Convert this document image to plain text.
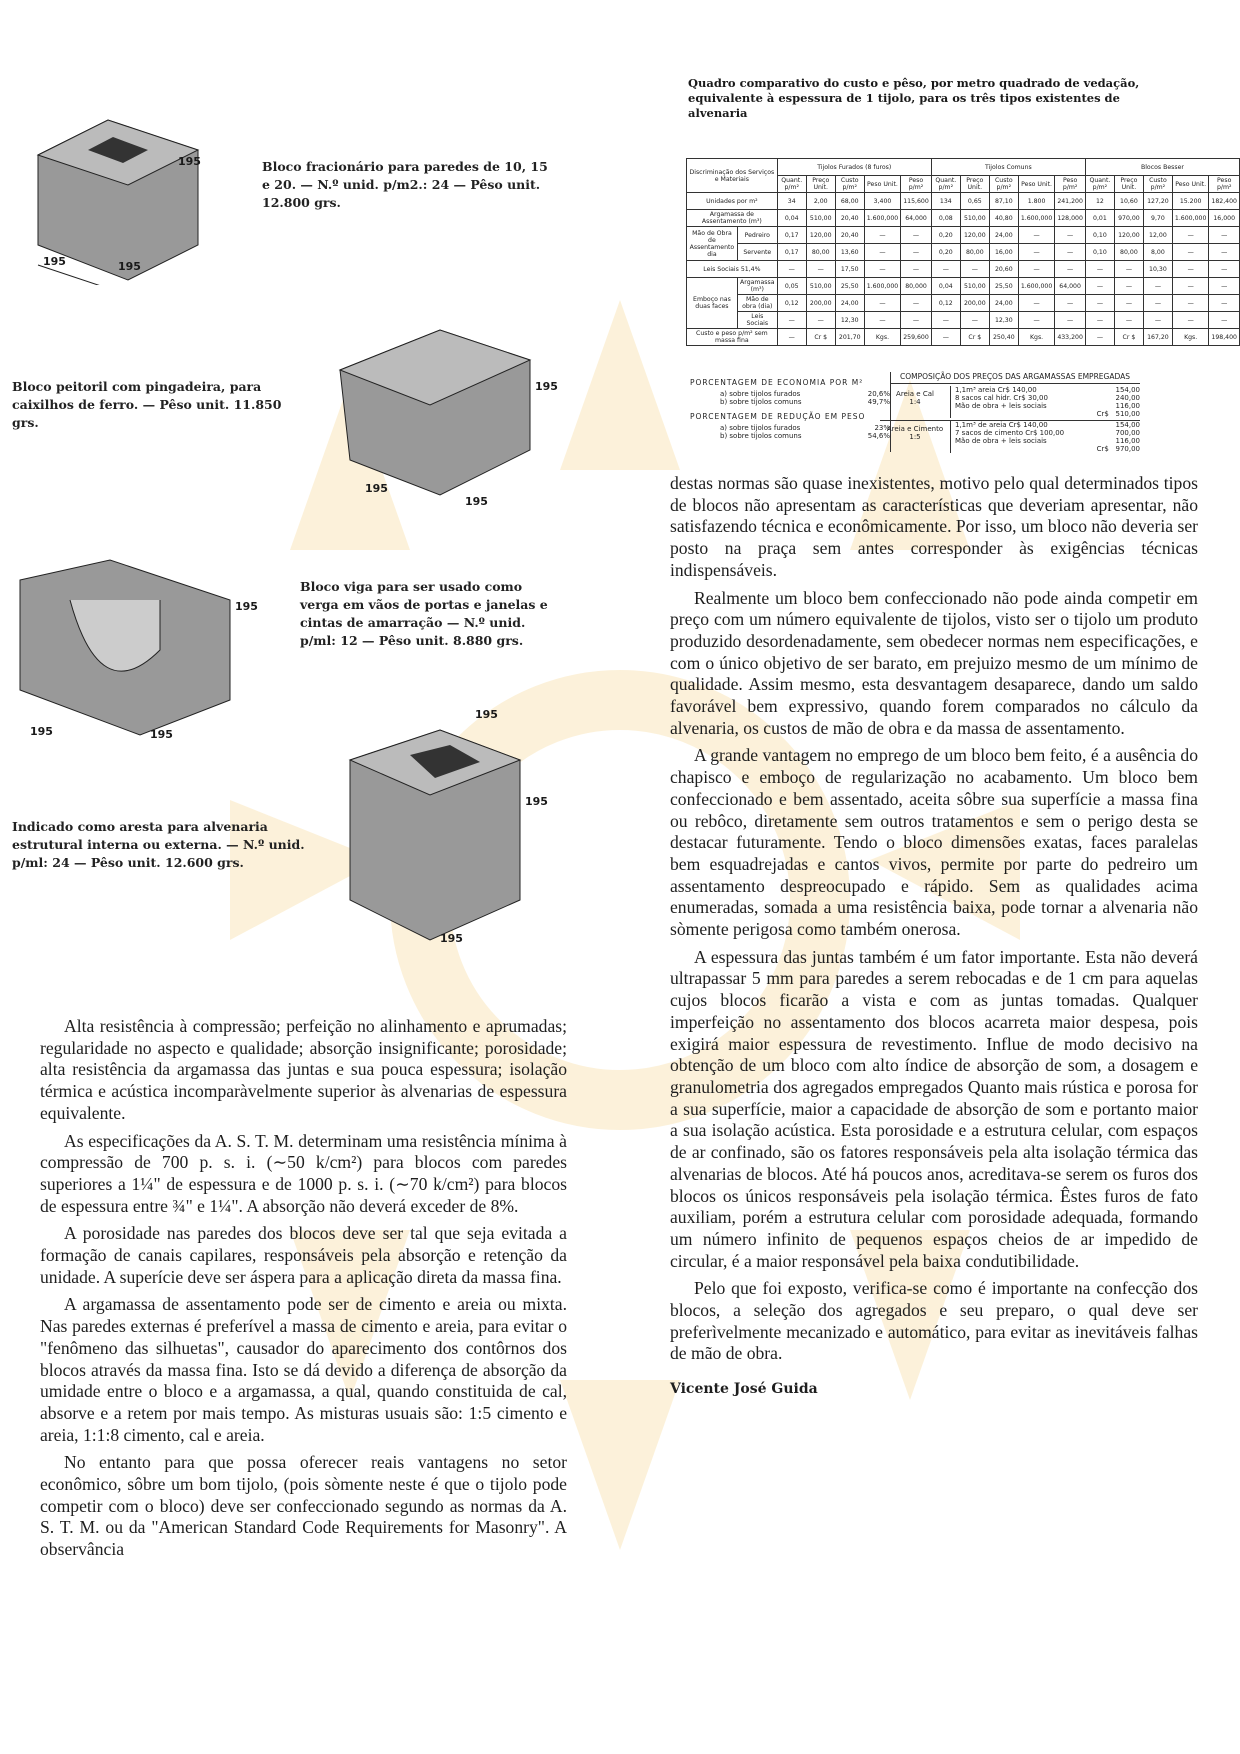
195
195	195
Bloco fracionário para paredes de 10, 15 e 20. — N.º unid. p/m2.: 24 — Pêso unit. 12.800 grs.
Bloco peitoril com pingadeira, para caixilhos de ferro. — Pêso unit. 11.850 grs.
195
195
195
195
195	195
Bloco viga para ser usado como verga em vãos de portas e janelas e cintas de amarração — N.º unid. p/ml: 12 — Pêso unit. 8.880 grs.
Indicado como aresta para alvenaria estrutural interna ou externa. — N.º unid. p/ml: 24 — Pêso unit. 12.600 grs.
195
195
195
Quadro comparativo do custo e pêso, por metro quadrado de vedação, equivalente à espessura de 1 tijolo, para os três tipos existentes de alvenaria
Discriminação dos Serviços e Materiais		Tijolos Furados (8 furos)					Tijolos Comuns					Blocos Besser				
		Quant. p/m²	Preço Unit.	Custo p/m²	Peso Unit.	Peso p/m²	Quant. p/m²	Preço Unit.	Custo p/m²	Peso Unit.	Peso p/m²	Quant. p/m²	Preço Unit.	Custo p/m²	Peso Unit.	Peso p/m²
Unidades por m²		34	2,00	68,00	3,400	115,600	134	0,65	87,10	1.800	241,200	12	10,60	127,20	15.200	182,400
Argamassa de Assentamento (m³)		0,04	510,00	20,40	1.600,000	64,000	0,08	510,00	40,80	1.600,000	128,000	0,01	970,00	9,70	1.600,000	16,000
Mão de Obra de Assentamento dia	Pedreiro	0,17	120,00	20,40	—	—	0,20	120,00	24,00	—	—	0,10	120,00	12,00	—	—
	Servente	0,17	80,00	13,60	—	—	0,20	80,00	16,00	—	—	0,10	80,00	8,00	—	—
Leis Sociais 51,4%		—	—	17,50	—	—	—	—	20,60	—	—	—	—	10,30	—	—
Emboço nas duas faces	Argamassa (m³)	0,05	510,00	25,50	1.600,000	80,000	0,04	510,00	25,50	1.600,000	64,000	—	—	—	—	—
	Mão de obra (dia)	0,12	200,00	24,00	—	—	0,12	200,00	24,00	—	—	—	—	—	—	—
	Leis Sociais	—	—	12,30	—	—	—	—	12,30	—	—	—	—	—	—	—
Custo e peso p/m² sem massa fina		—	Cr $	201,70	Kgs.	259,600	—	Cr $	250,40	Kgs.	433,200	—	Cr $	167,20	Kgs.	198,400
PORCENTAGEM DE ECONOMIA POR M²
a) sobre tijolos furados	20,6%
b) sobre tijolos comuns	49,7%
PORCENTAGEM DE REDUÇÃO EM PESO
a) sobre tijolos furados	23%
b) sobre tijolos comuns	54,6%
COMPOSIÇÃO DOS PREÇOS DAS ARGAMASSAS EMPREGADAS
Areia e Cal
1:4
1,1m³ areia Cr$ 140,00	154,00
8 sacos cal hidr. Cr$ 30,00	240,00
Mão de obra + leis sociais	116,00
Cr$ 510,00
Areia e Cimento
1:5
1,1m³ de areia Cr$ 140,00	154,00
7 sacos de cimento Cr$ 100,00	700,00
Mão de obra + leis sociais	116,00
Cr$ 970,00

Alta resistência à compressão; perfeição no alinhamento e aprumadas; regularidade no aspecto e qualidade; absorção insignificante; porosidade; alta resistência da argamassa das juntas e sua pouca espessura; isolação térmica e acústica incomparàvelmente superior às alvenarias de espessura equivalente.

As especificações da A. S. T. M. determinam uma resistência mínima à compressão de 700 p. s. i. (∼50 k/cm²) para blocos com paredes superiores a 1¼" de espessura e de 1000 p. s. i. (∼70 k/cm²) para blocos de espessura entre ¾" e 1¼". A absorção não deverá exceder de 8%.

A porosidade nas paredes dos blocos deve ser tal que seja evitada a formação de canais capilares, responsáveis pela absorção e retenção da unidade. A superície deve ser áspera para a aplicação direta da massa fina.

A argamassa de assentamento pode ser de cimento e areia ou mixta. Nas paredes externas é preferível a massa de cimento e areia, para evitar o "fenômeno das silhuetas", causador do aparecimento dos contôrnos dos blocos através da massa fina. Isto se dá devido a diferença de absorção da umidade entre o bloco e a argamassa, a qual, quando constituida de cal, absorve e a retem por mais tempo. As misturas usuais são: 1:5 cimento e areia, 1:1:8 cimento, cal e areia.

No entanto para que possa oferecer reais vantagens no setor econômico, sôbre um bom tijolo, (pois sòmente neste é que o tijolo pode competir com o bloco) deve ser confeccionado segundo as normas da A. S. T. M. ou da "American Standard Code Requirements for Masonry". A observância

destas normas são quase inexistentes, motivo pelo qual determinados tipos de blocos não apresentam as características que deveriam apresentar, não satisfazendo técnica e econômicamente. Por isso, um bloco não deveria ser posto na praça sem antes corresponder às exigências técnicas indispensáveis.

Realmente um bloco bem confeccionado não pode ainda competir em preço com um número equivalente de tijolos, visto ser o tijolo um produto produzido desordenadamente, sem obedecer normas nem especificações, e com o único objetivo de ser barato, em prejuizo mesmo de um mínimo de qualidade. Assim mesmo, esta desvantagem desaparece, dando um saldo favorável bem expressivo, quando forem comparados no cálculo da alvenaria, os custos de mão de obra e da massa de assentamento.

A grande vantagem no emprego de um bloco bem feito, é a ausência do chapisco e emboço de regularização no acabamento. Um bloco bem confeccionado e bem assentado, aceita sôbre sua superfície a massa fina ou rebôco, diretamente sem outros tratamentos e sem o perigo desta se destacar futuramente. Tendo o bloco dimensões exatas, faces paralelas bem esquadrejadas e cantos vivos, permite por parte do pedreiro um assentamento despreocupado e rápido. Sem as qualidades acima enumeradas, somada a uma resistência baixa, pode tornar a alvenaria não sòmente perigosa como também onerosa.

A espessura das juntas também é um fator importante. Esta não deverá ultrapassar 5 mm para paredes a serem rebocadas e de 1 cm para aquelas cujos blocos ficarão a vista e com as juntas tomadas. Qualquer imperfeição no assentamento dos blocos acarreta maior despesa, pois exigirá maior espessura de revestimento. Influe de modo decisivo na obtenção de um bloco com alto índice de absorção de som, a dosagem e granulometria dos agregados empregados Quanto mais rústica e porosa for a sua superfície, maior a capacidade de absorção de som e portanto maior a sua isolação acústica. Esta porosidade e a estrutura celular, com espaços de ar confinado, são os fatores responsáveis pela alta isolação térmica das alvenarias de blocos. Até há poucos anos, acreditava-se serem os furos dos blocos os únicos responsáveis pela isolação térmica. Êstes furos de fato auxiliam, porém a estrutura celular com porosidade adequada, formando um número infinito de pequenos espaços cheios de ar impedido de circular, é a maior responsável pela baixa condutibilidade.

Pelo que foi exposto, verifica-se como é importante na confecção dos blocos, a seleção dos agregados e seu preparo, o qual deve ser preferìvelmente mecanizado e automático, para evitar as inevitáveis falhas de mão de obra.

Vicente José Guida
